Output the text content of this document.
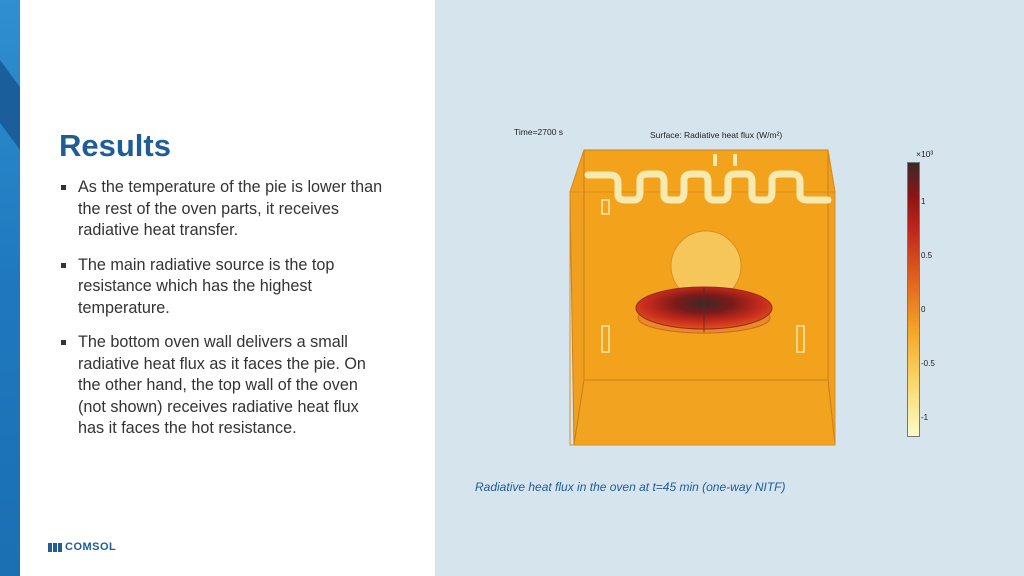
Results
As the temperature of the pie is lower than the rest of the oven parts, it receives radiative heat transfer.
The main radiative source is the top resistance which has the highest temperature.
The bottom oven wall delivers a small radiative heat flux as it faces the pie. On the other hand, the top wall of the oven (not shown) receives radiative heat flux has it faces the hot resistance.
COMSOL
Time=2700 s	Surface: Radiative heat flux (W/m²)
×10³
1
0.5
0
-0.5
-1
Radiative heat flux in the oven at t=45 min (one-way NITF)
